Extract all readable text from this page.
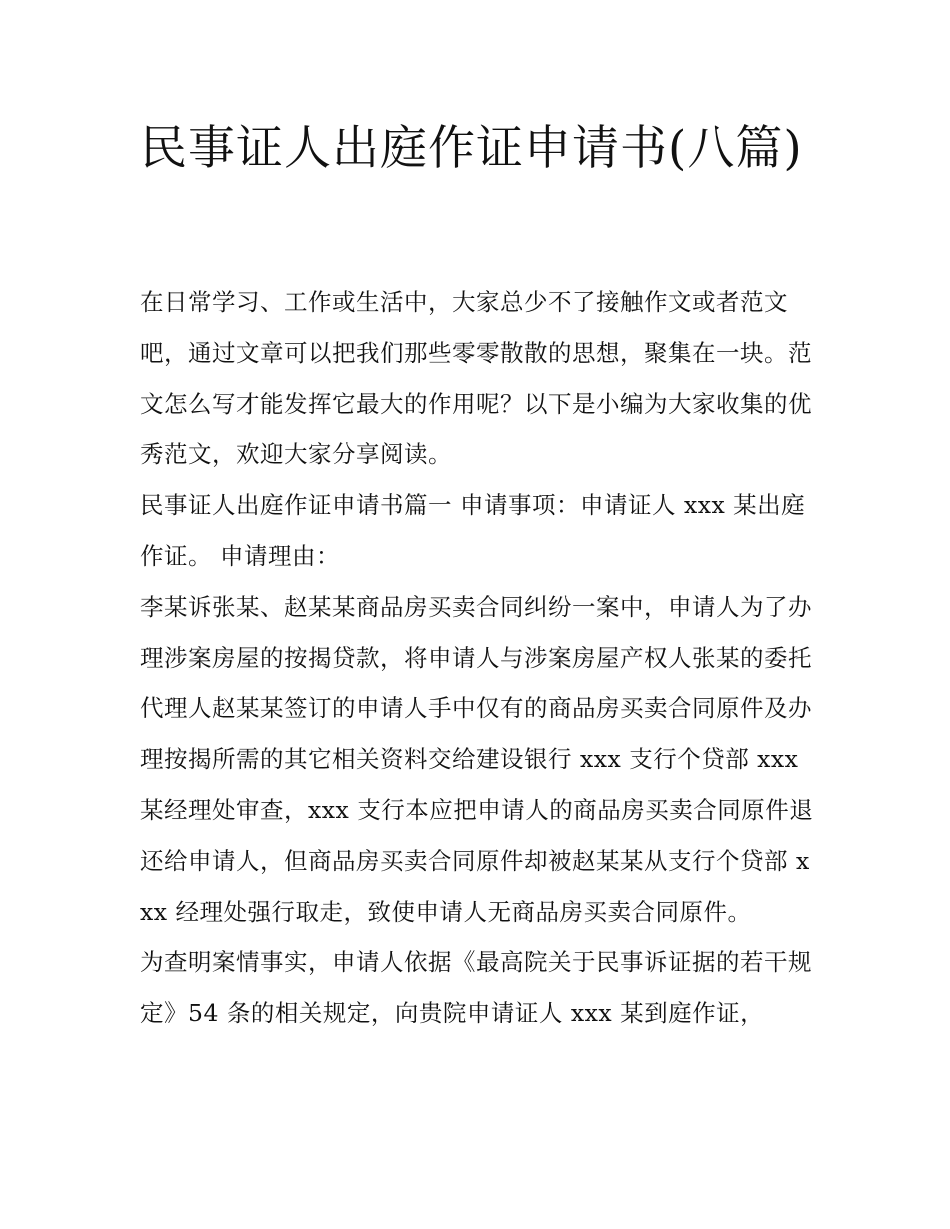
民事证人出庭作证申请书(八篇)

在日常学习、工作或生活中，大家总少不了接触作文或者范文吧，通过文章可以把我们那些零零散散的思想，聚集在一块。范文怎么写才能发挥它最大的作用呢？以下是小编为大家收集的优秀范文，欢迎大家分享阅读。

民事证人出庭作证申请书篇一 申请事项：申请证人 xxx 某出庭作证。 申请理由：

李某诉张某、赵某某商品房买卖合同纠纷一案中，申请人为了办理涉案房屋的按揭贷款，将申请人与涉案房屋产权人张某的委托代理人赵某某签订的申请人手中仅有的商品房买卖合同原件及办理按揭所需的其它相关资料交给建设银行 xxx 支行个贷部 xxx 某经理处审查，xxx 支行本应把申请人的商品房买卖合同原件退还给申请人，但商品房买卖合同原件却被赵某某从支行个贷部 xxx 经理处强行取走，致使申请人无商品房买卖合同原件。

为查明案情事实，申请人依据《最高院关于民事诉证据的若干规定》54 条的相关规定，向贵院申请证人 xxx 某到庭作证，
